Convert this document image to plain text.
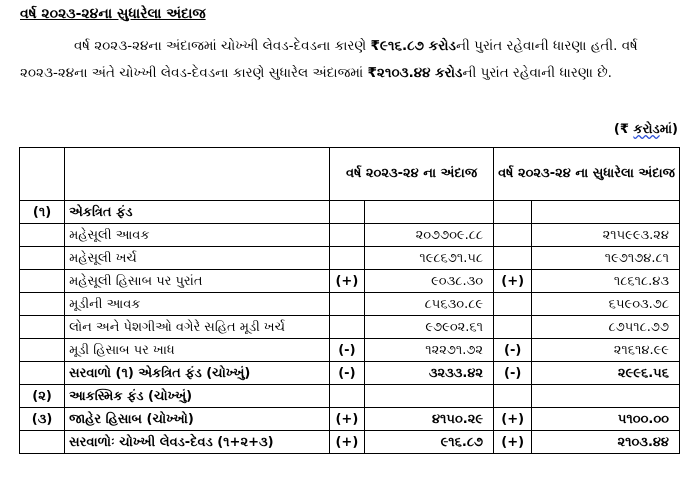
વર્ષ ૨૦૨૩-૨૪ના સુધારેલા અંદાજ
વર્ષ ૨૦૨૩-૨૪ના અંદાજમાં ચોખ્ખી લેવડ-દેવડના કારણે ₹૯૧૬.૮૭ કરોડની પુરાંત રહેવાની ધારણા હતી. વર્ષ ૨૦૨૩-૨૪ના અંતે ચોખ્ખી લેવડ-દેવડના કારણે સુધારેલ અંદાજમાં ₹૨૧૦૩.૪૪ કરોડની પુરાંત રહેવાની ધારણા છે.
(₹ કરોડમાં)
		વર્ષ ૨૦૨૩-૨૪ ના અંદાજ		વર્ષ ૨૦૨૩-૨૪ ના સુધારેલા અંદાજ	
(૧)	એકત્રિત ફંડ				
	મહેસૂલી આવક		૨૦૭૭૦૯.૮૮		૨૧૫૯૯૩.૨૪
	મહેસૂલી ખર્ચ		૧૯૮૬૭૧.૫૮		૧૯૭૧૭૪.૮૧
	મહેસૂલી હિસાબ પર પુરાંત	(+)	૯૦૩૮.૩૦	(+)	૧૮૬૧૮.૪૩
	મૂડીની આવક		૮૫૬૩૦.૮૯		૬૫૯૦૩.૭૮
	લોન અને પેશગીઓ વગેરે સહિત મૂડી ખર્ચ		૯૭૯૦૨.૬૧		૮૭૫૧૮.૭૭
	મૂડી હિસાબ પર ખાધ	(-)	૧૨૨૭૧.૭૨	(-)	૨૧૬૧૪.૯૯
	સરવાળો (૧) એકત્રિત ફંડ (ચોખ્ખું)	(-)	૩૨૩૩.૪૨	(-)	૨૯૯૬.૫૬
(૨)	આકસ્મિક ફંડ (ચોખ્ખું)				
(૩)	જાહેર હિસાબ (ચોખ્ખો)	(+)	૪૧૫૦.૨૯	(+)	૫૧૦૦.૦૦
	સરવાળોઃ ચોખ્ખી લેવડ-દેવડ (૧+૨+૩)	(+)	૯૧૬.૮૭	(+)	૨૧૦૩.૪૪
